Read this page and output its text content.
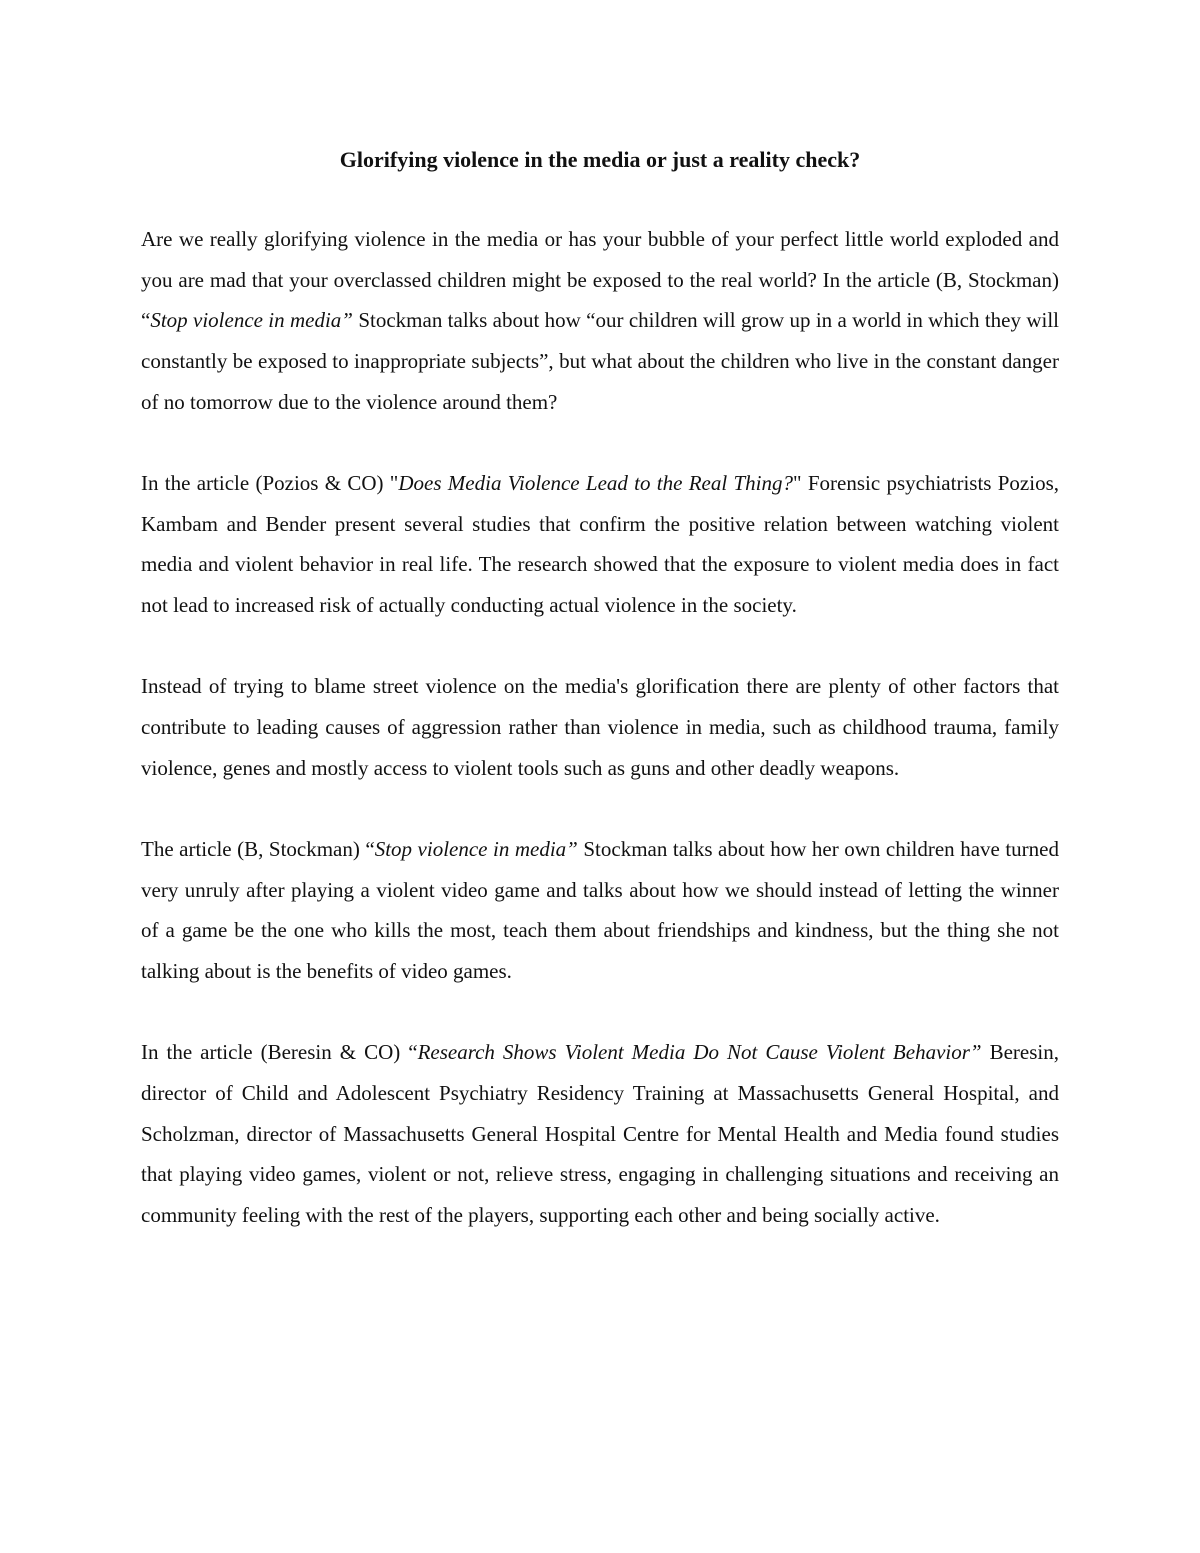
Glorifying violence in the media or just a reality check?

Are we really glorifying violence in the media or has your bubble of your perfect little world exploded and you are mad that your overclassed children might be exposed to the real world? In the article (B, Stockman) “Stop violence in media” Stockman talks about how “our children will grow up in a world in which they will constantly be exposed to inappropriate subjects”, but what about the children who live in the constant danger of no tomorrow due to the violence around them?

In the article (Pozios & CO) "Does Media Violence Lead to the Real Thing?" Forensic psychiatrists Pozios, Kambam and Bender present several studies that confirm the positive relation between watching violent media and violent behavior in real life. The research showed that the exposure to violent media does in fact not lead to increased risk of actually conducting actual violence in the society.

Instead of trying to blame street violence on the media's glorification there are plenty of other factors that contribute to leading causes of aggression rather than violence in media, such as childhood trauma, family violence, genes and mostly access to violent tools such as guns and other deadly weapons.

The article (B, Stockman) “Stop violence in media” Stockman talks about how her own children have turned very unruly after playing a violent video game and talks about how we should instead of letting the winner of a game be the one who kills the most, teach them about friendships and kindness, but the thing she not talking about is the benefits of video games.

In the article (Beresin & CO) “Research Shows Violent Media Do Not Cause Violent Behavior” Beresin, director of Child and Adolescent Psychiatry Residency Training at Massachusetts General Hospital, and Scholzman, director of Massachusetts General Hospital Centre for Mental Health and Media found studies that playing video games, violent or not, relieve stress, engaging in challenging situations and receiving an community feeling with the rest of the players, supporting each other and being socially active.
